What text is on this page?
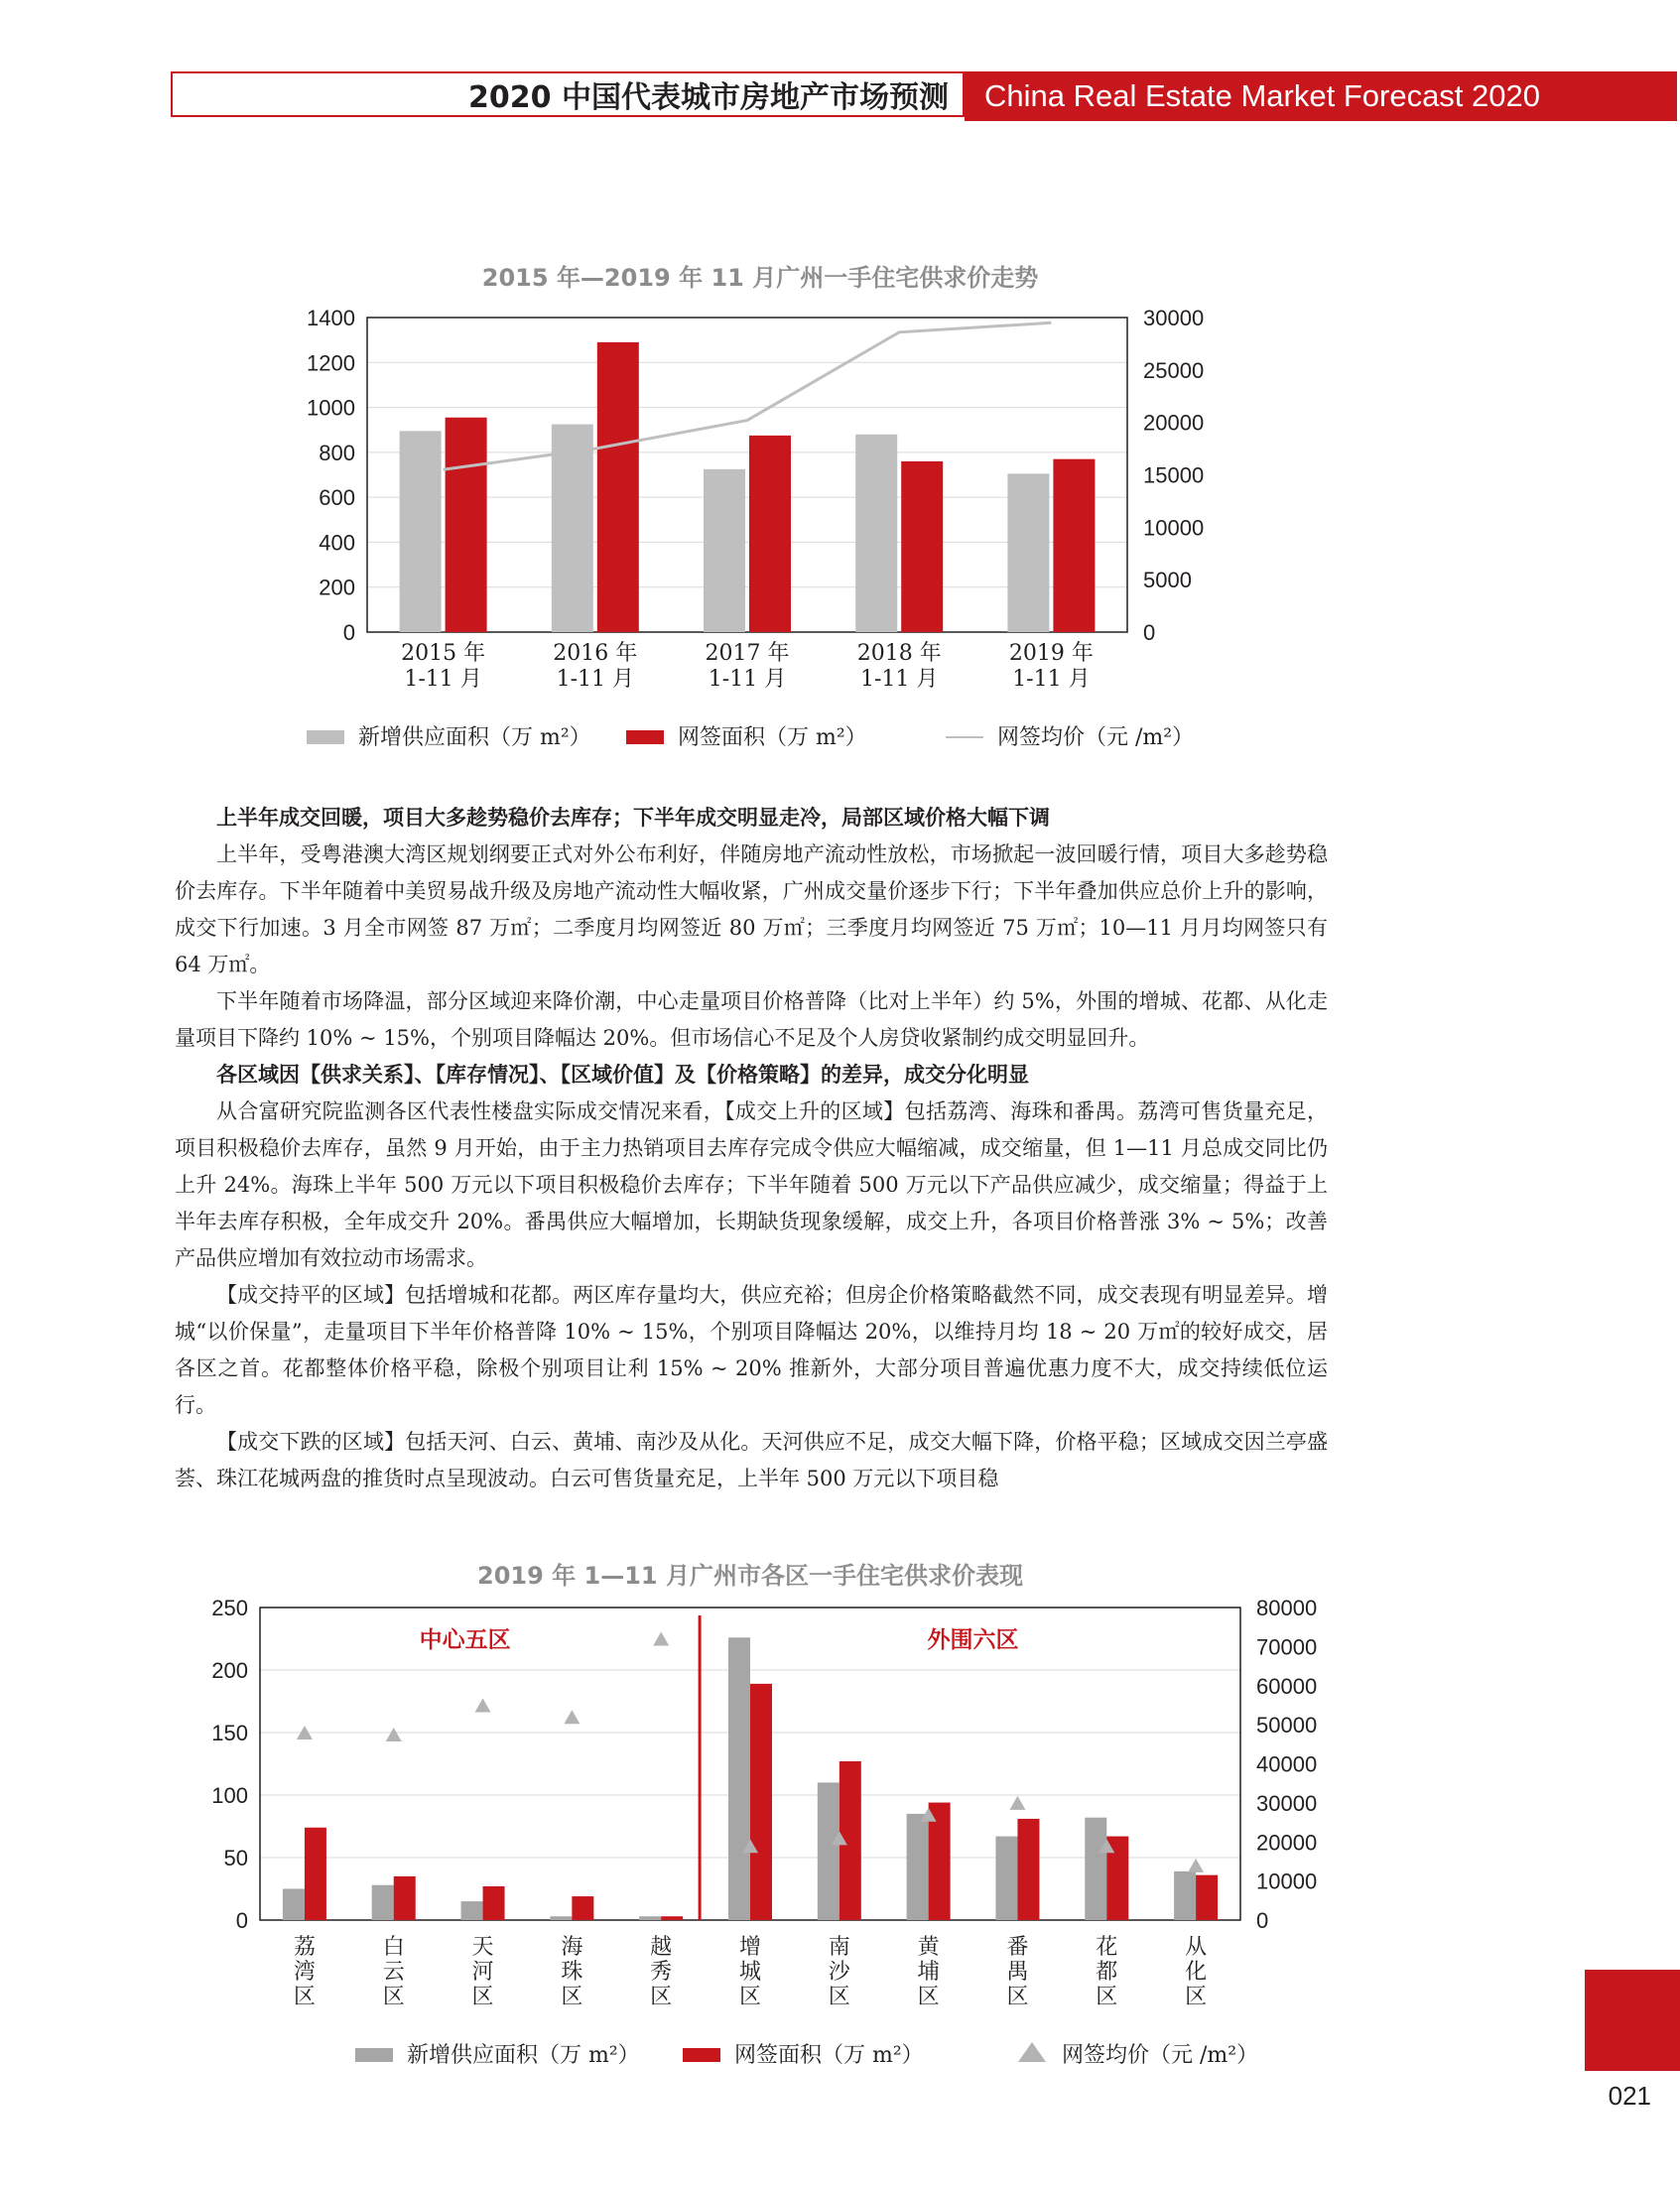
2020 中国代表城市房地产市场预测	China Real Estate Market Forecast 2020
2015 年—2019 年 11 月广州一手住宅供求价走势
1400
1200
1000
800
600
400
200
0
30000
25000
20000
15000
10000
5000
0
2015 年
1-11 月
2016 年
1-11 月
2017 年
1-11 月
2018 年
1-11 月
2019 年
1-11 月
新增供应面积（万 m²）	网签面积（万 m²）	网签均价（元 /m²）
上半年成交回暖，项目大多趁势稳价去库存；下半年成交明显走冷，局部区域价格大幅下调

上半年，受粤港澳大湾区规划纲要正式对外公布利好，伴随房地产流动性放松，市场掀起一波回暖行情，项目大多趁势稳价去库存。下半年随着中美贸易战升级及房地产流动性大幅收紧，广州成交量价逐步下行；下半年叠加供应总价上升的影响，成交下行加速。3 月全市网签 87 万㎡；二季度月均网签近 80 万㎡；三季度月均网签近 75 万㎡；10—11 月月均网签只有 64 万㎡。

下半年随着市场降温，部分区域迎来降价潮，中心走量项目价格普降（比对上半年）约 5%，外围的增城、花都、从化走量项目下降约 10% ~ 15%，个别项目降幅达 20%。但市场信心不足及个人房贷收紧制约成交明显回升。

各区域因【供求关系】、【库存情况】、【区域价值】及【价格策略】的差异，成交分化明显

从合富研究院监测各区代表性楼盘实际成交情况来看，【成交上升的区域】包括荔湾、海珠和番禺。荔湾可售货量充足，项目积极稳价去库存，虽然 9 月开始，由于主力热销项目去库存完成令供应大幅缩减，成交缩量，但 1—11 月总成交同比仍上升 24%。海珠上半年 500 万元以下项目积极稳价去库存；下半年随着 500 万元以下产品供应减少，成交缩量；得益于上半年去库存积极，全年成交升 20%。番禺供应大幅增加，长期缺货现象缓解，成交上升，各项目价格普涨 3% ~ 5%；改善产品供应增加有效拉动市场需求。

【成交持平的区域】包括增城和花都。两区库存量均大，供应充裕；但房企价格策略截然不同，成交表现有明显差异。增城“以价保量”，走量项目下半年价格普降 10% ~ 15%，个别项目降幅达 20%，以维持月均 18 ~ 20 万㎡的较好成交，居各区之首。花都整体价格平稳，除极个别项目让利 15% ~ 20% 推新外，大部分项目普遍优惠力度不大，成交持续低位运行。

【成交下跌的区域】包括天河、白云、黄埔、南沙及从化。天河供应不足，成交大幅下降，价格平稳；区域成交因兰亭盛荟、珠江花城两盘的推货时点呈现波动。白云可售货量充足，上半年 500 万元以下项目稳

2019 年 1—11 月广州市各区一手住宅供求价表现
250
200
150
100
50
0
80000
70000
60000
50000
40000
30000
20000
10000
0
荔
湾
区
白
云
区
天
河
区
海
珠
区
越
秀
区
增
城
区
南
沙
区
黄
埔
区
番
禺
区
花
都
区
从
化
区
中心五区	外围六区
新增供应面积（万 m²）	网签面积（万 m²）	网签均价（元 /m²）
021
